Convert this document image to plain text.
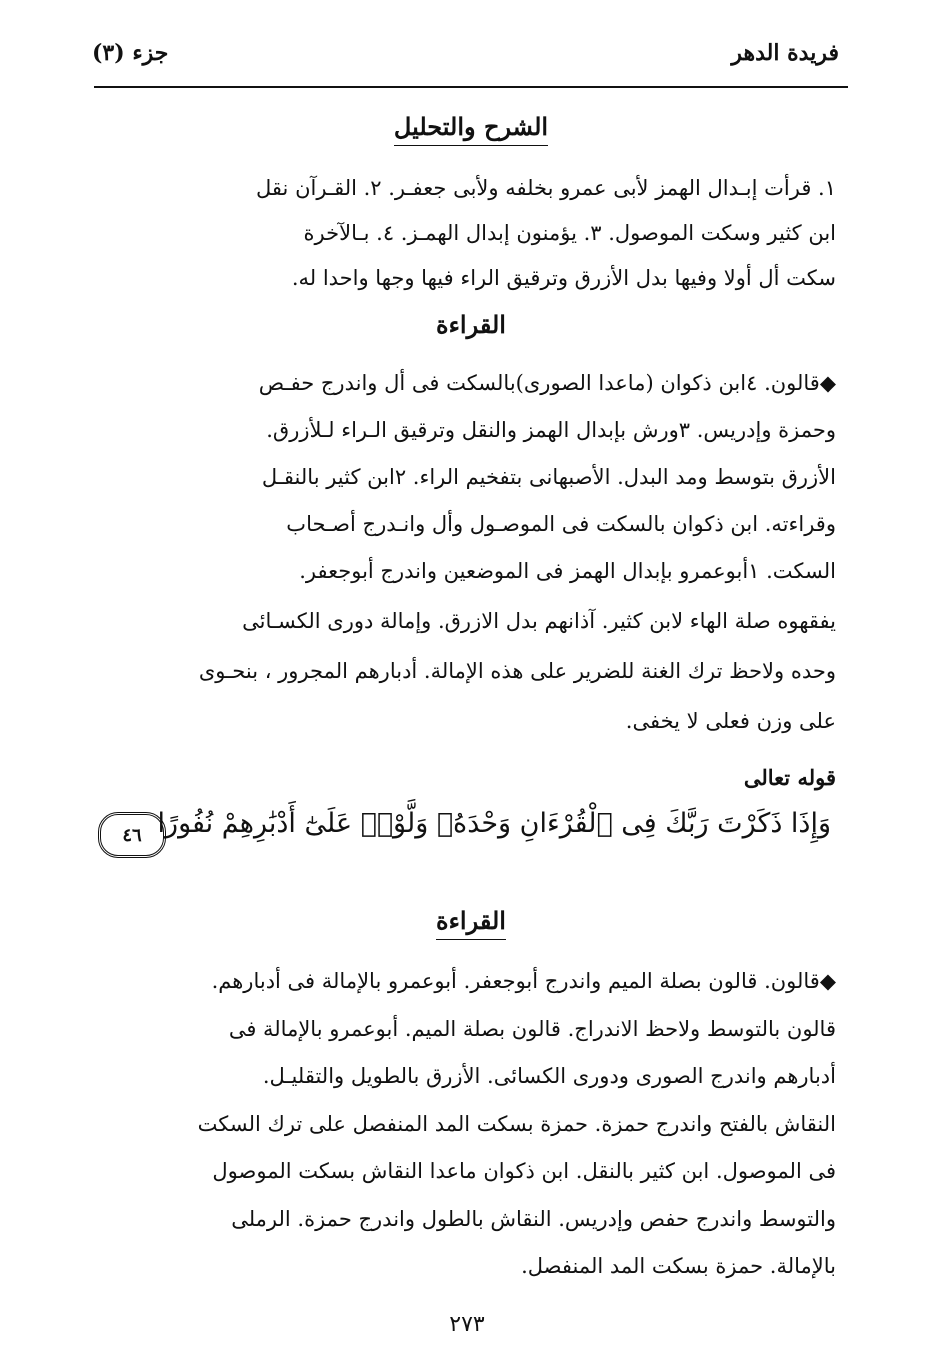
فريدة الدهر
جزء (٣)
الشرح والتحليل

١. قرأت إبـدال الهمز لأبى عمرو بخلفه ولأبى جعفـر. ٢. القـرآن نقل

ابن كثير وسكت الموصول. ٣. يؤمنون إبدال الهمـز. ٤. بـالآخرة

سكت أل أولا وفيها بدل الأزرق وترقيق الراء فيها وجها واحدا له.

القراءة

◆قالون. ٤ابن ذكوان (ماعدا الصورى)بالسكت فى أل واندرج حفـص

وحمزة وإدريس. ٣ورش بإبدال الهمز والنقل وترقيق الـراء لـلأزرق.

الأزرق بتوسط ومد البدل. الأصبهانى بتفخيم الراء. ٢ابن كثير بالنقـل

وقراءته. ابن ذكوان بالسكت فى الموصـول وأل وانـدرج أصـحاب

السكت. ١أبوعمرو بإبدال الهمز فى الموضعين واندرج أبوجعفر.

يفقهوه صلة الهاء لابن كثير. آذانهم بدل الازرق. وإمالة دورى الكسـائى

وحده ولاحظ ترك الغنة للضرير على هذه الإمالة. أدبارهم المجرور ، بنحـوى

على وزن فعلى لا يخفى.

قوله تعالى

وَإِذَا ذَكَرْتَ رَبَّكَ فِى ٱلْقُرْءَانِ وَحْدَهُۥ وَلَّوْا۟ عَلَىٰٓ أَدْبَٰرِهِمْ نُفُورًا
٤٦
القراءة

◆قالون. قالون بصلة الميم واندرج أبوجعفر. أبوعمرو بالإمالة فى أدبارهم.

قالون بالتوسط ولاحظ الاندراج. قالون بصلة الميم. أبوعمرو بالإمالة فى

أدبارهم واندرج الصورى ودورى الكسائى. الأزرق بالطويل والتقليـل.

النقاش بالفتح واندرج حمزة. حمزة بسكت المد المنفصل على ترك السكت

فى الموصول. ابن كثير بالنقل. ابن ذكوان ماعدا النقاش بسكت الموصول

والتوسط واندرج حفص وإدريس. النقاش بالطول واندرج حمزة. الرملى

بالإمالة. حمزة بسكت المد المنفصل.

٢٧٣
